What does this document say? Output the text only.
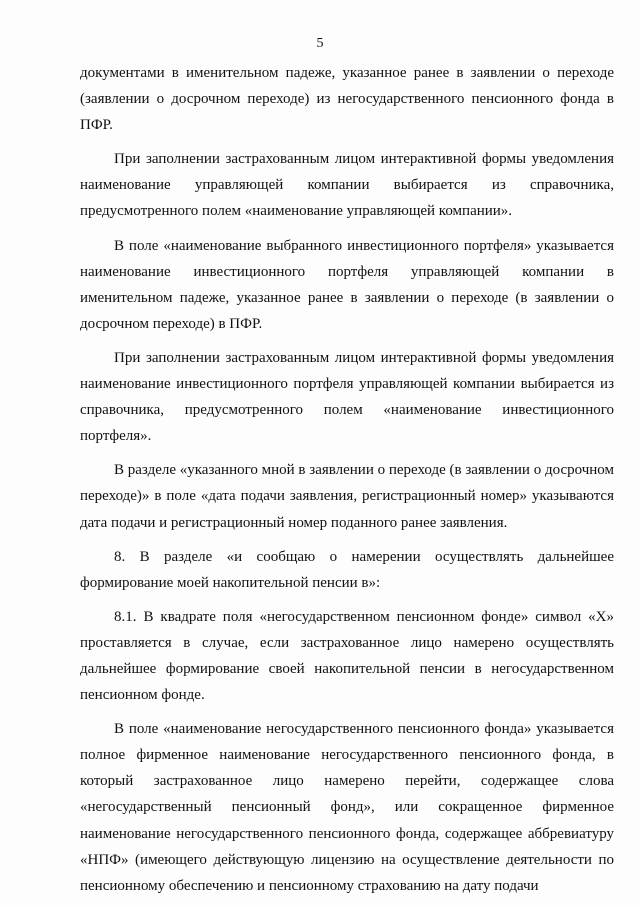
5

документами в именительном падеже, указанное ранее в заявлении о переходе (заявлении о досрочном переходе) из негосударственного пенсионного фонда в ПФР.

При заполнении застрахованным лицом интерактивной формы уведомления наименование управляющей компании выбирается из справочника, предусмотренного полем «наименование управляющей компании».

В поле «наименование выбранного инвестиционного портфеля» указывается наименование инвестиционного портфеля управляющей компании в именительном падеже, указанное ранее в заявлении о переходе (в заявлении о досрочном переходе) в ПФР.

При заполнении застрахованным лицом интерактивной формы уведомления наименование инвестиционного портфеля управляющей компании выбирается из справочника, предусмотренного полем «наименование инвестиционного портфеля».

В разделе «указанного мной в заявлении о переходе (в заявлении о досрочном переходе)» в поле «дата подачи заявления, регистрационный номер» указываются дата подачи и регистрационный номер поданного ранее заявления.

8. В разделе «и сообщаю о намерении осуществлять дальнейшее формирование моей накопительной пенсии в»:

8.1. В квадрате поля «негосударственном пенсионном фонде» символ «X» проставляется в случае, если застрахованное лицо намерено осуществлять дальнейшее формирование своей накопительной пенсии в негосударственном пенсионном фонде.

В поле «наименование негосударственного пенсионного фонда» указывается полное фирменное наименование негосударственного пенсионного фонда, в который застрахованное лицо намерено перейти, содержащее слова «негосударственный пенсионный фонд», или сокращенное фирменное наименование негосударственного пенсионного фонда, содержащее аббревиатуру «НПФ» (имеющего действующую лицензию на осуществление деятельности по пенсионному обеспечению и пенсионному страхованию на дату подачи
